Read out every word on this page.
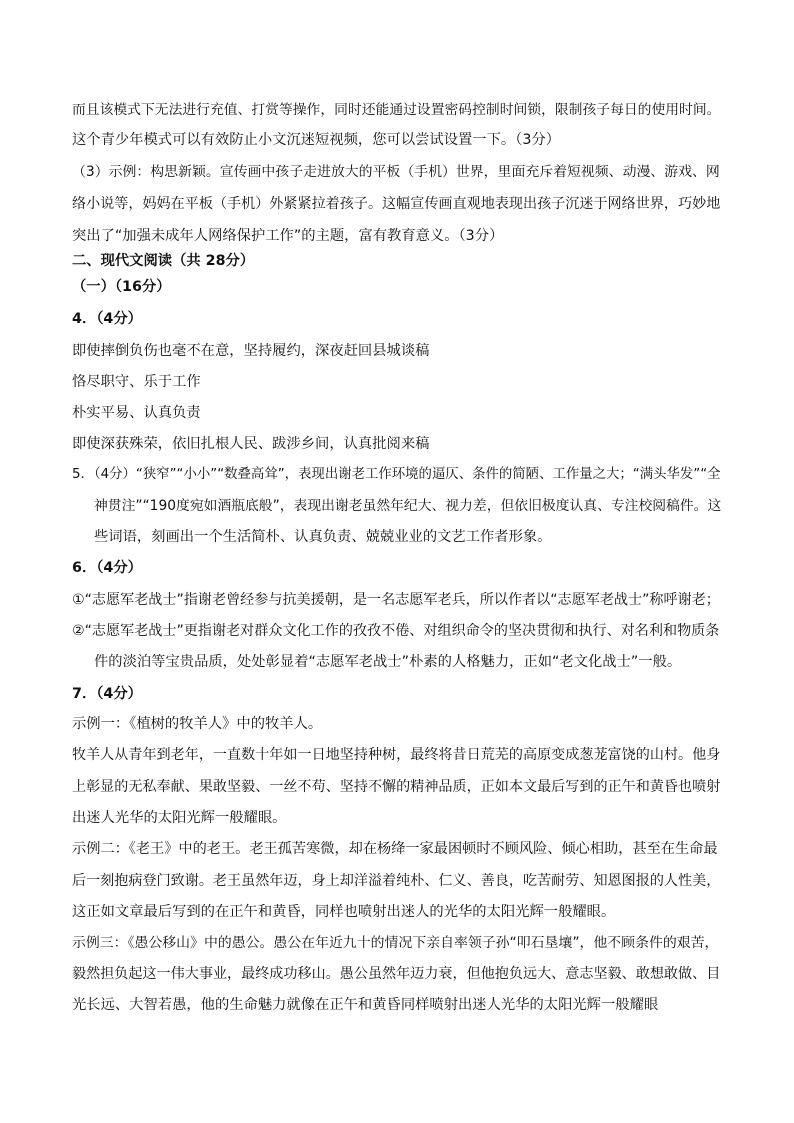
而且该模式下无法进行充值、打赏等操作，同时还能通过设置密码控制时间锁，限制孩子每日的使用时间。
这个青少年模式可以有效防止小文沉迷短视频，您可以尝试设置一下。（3分）
（3）示例：构思新颖。宣传画中孩子走进放大的平板（手机）世界，里面充斥着短视频、动漫、游戏、网
络小说等，妈妈在平板（手机）外紧紧拉着孩子。这幅宣传画直观地表现出孩子沉迷于网络世界，巧妙地
突出了“加强未成年人网络保护工作”的主题，富有教育意义。（3分）
二、现代文阅读（共 28分）
（一）（16分）
4．（4分）
即使摔倒负伤也毫不在意，坚持履约，深夜赶回县城谈稿
恪尽职守、乐于工作
朴实平易、认真负责
即使深获殊荣，依旧扎根人民、跋涉乡间，认真批阅来稿
5．（4分）“狭窄”“小小”“数叠高耸”，表现出谢老工作环境的逼仄、条件的简陋、工作量之大；“满头华发”“全
神贯注”“190度宛如酒瓶底般”，表现出谢老虽然年纪大、视力差，但依旧极度认真、专注校阅稿件。这
些词语，刻画出一个生活简朴、认真负责、兢兢业业的文艺工作者形象。
6．（4分）
①“志愿军老战士”指谢老曾经参与抗美援朝，是一名志愿军老兵，所以作者以“志愿军老战士”称呼谢老；
②“志愿军老战士”更指谢老对群众文化工作的孜孜不倦、对组织命令的坚决贯彻和执行、对名利和物质条
件的淡泊等宝贵品质，处处彰显着“志愿军老战士”朴素的人格魅力，正如“老文化战士”一般。
7．（4分）
示例一：《植树的牧羊人》中的牧羊人。
牧羊人从青年到老年，一直数十年如一日地坚持种树，最终将昔日荒芜的高原变成葱茏富饶的山村。他身
上彰显的无私奉献、果敢坚毅、一丝不苟、坚持不懈的精神品质，正如本文最后写到的正午和黄昏也喷射
出迷人光华的太阳光辉一般耀眼。
示例二：《老王》中的老王。老王孤苦寒微，却在杨绛一家最困顿时不顾风险、倾心相助，甚至在生命最
后一刻抱病登门致谢。老王虽然年迈，身上却洋溢着纯朴、仁义、善良，吃苦耐劳、知恩图报的人性美，
这正如文章最后写到的在正午和黄昏，同样也喷射出迷人的光华的太阳光辉一般耀眼。
示例三：《愚公移山》中的愚公。愚公在年近九十的情况下亲自率领子孙“叩石垦壤”，他不顾条件的艰苦，
毅然担负起这一伟大事业，最终成功移山。愚公虽然年迈力衰，但他抱负远大、意志坚毅、敢想敢做、目
光长远、大智若愚，他的生命魅力就像在正午和黄昏同样喷射出迷人光华的太阳光辉一般耀眼
